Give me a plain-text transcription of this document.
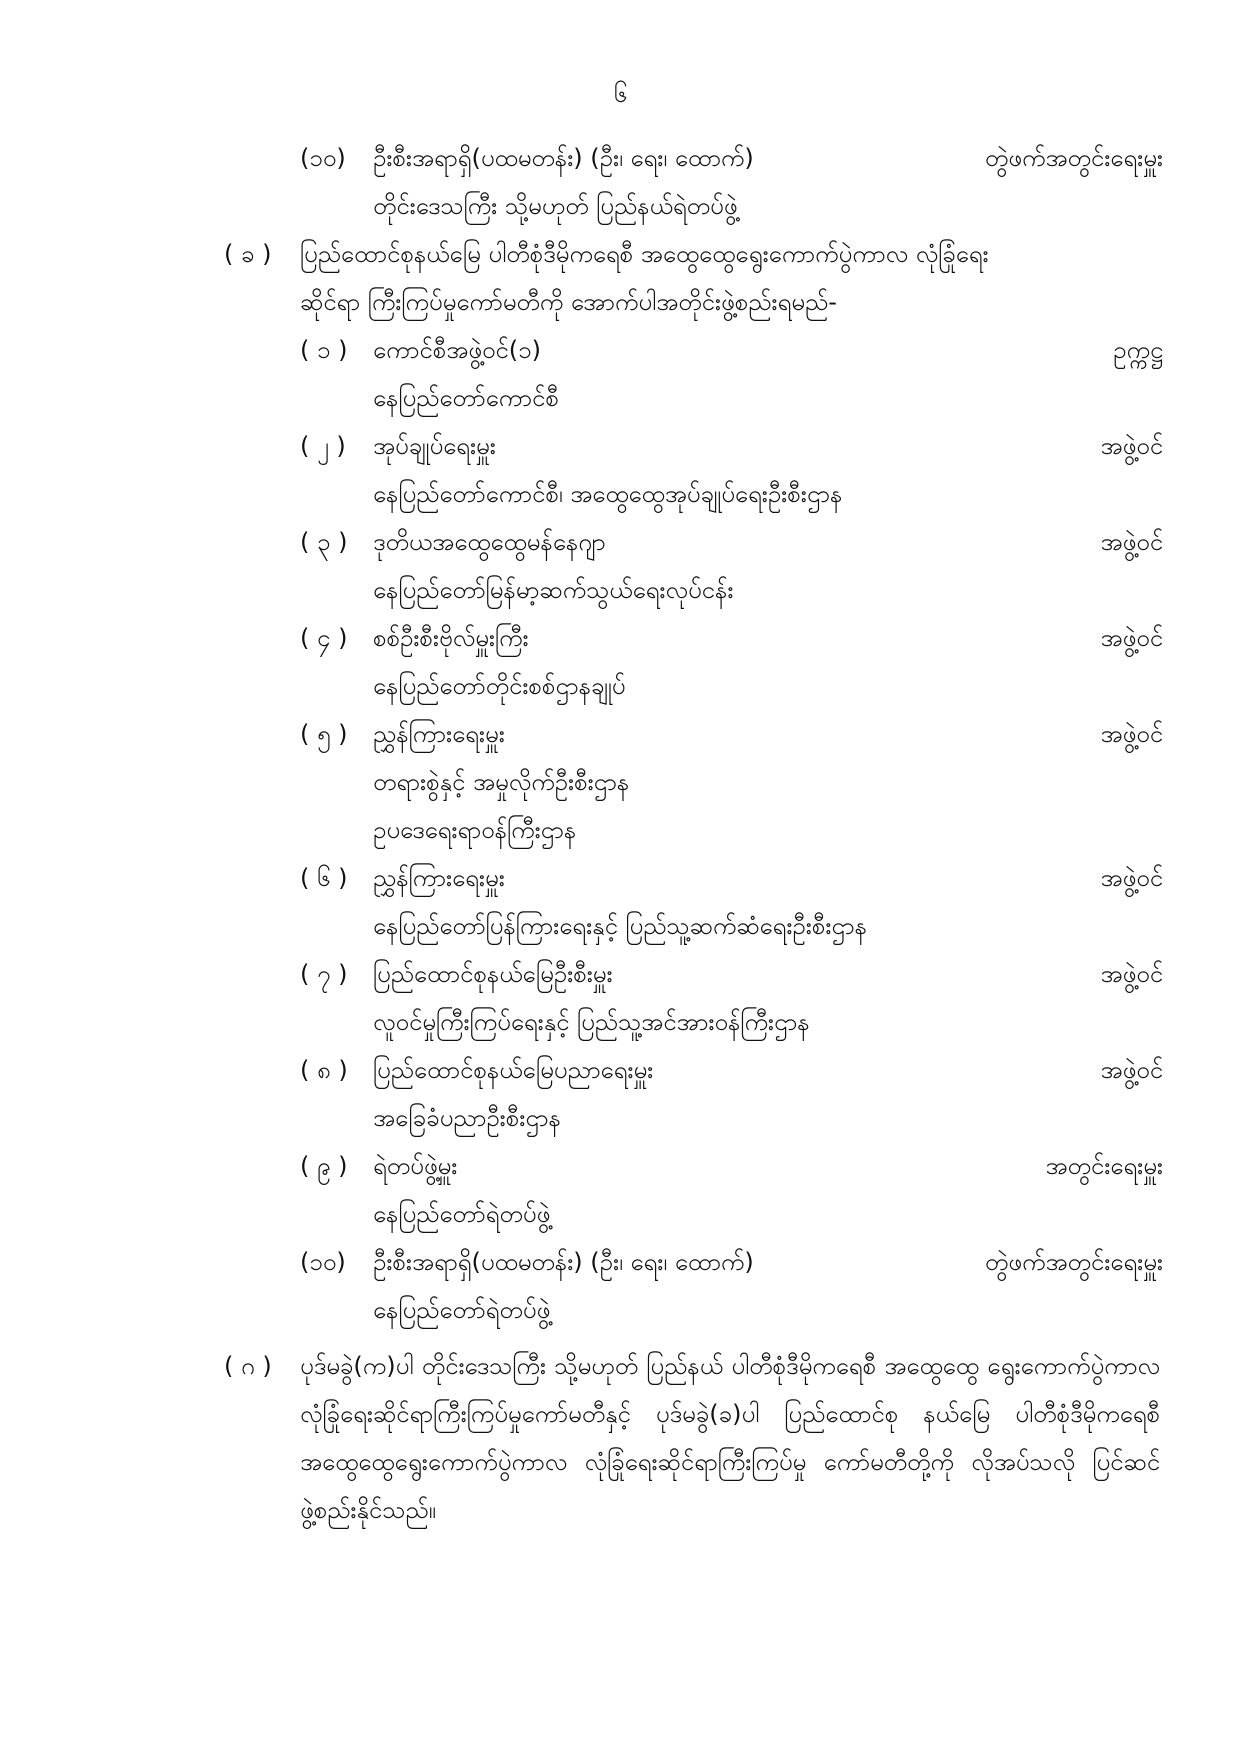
၆
(၁၀) ဦးစီးအရာရှိ(ပထမတန်း) (ဦး၊ ရေး၊ ထောက်)	တွဲဖက်အတွင်းရေးမှူး
တိုင်းဒေသကြီး သို့မဟုတ် ပြည်နယ်ရဲတပ်ဖွဲ့
( ခ ) ပြည်ထောင်စုနယ်မြေ ပါတီစုံဒီမိုကရေစီ အထွေထွေရွေးကောက်ပွဲကာလ လုံခြုံရေး
ဆိုင်ရာ ကြီးကြပ်မှုကော်မတီကို အောက်ပါအတိုင်းဖွဲ့စည်းရမည်-
( ၁ ) ကောင်စီအဖွဲ့ဝင်(၁)	ဥက္ကဋ္ဌ
နေပြည်တော်ကောင်စီ
( ၂ ) အုပ်ချုပ်ရေးမှူး	အဖွဲ့ဝင်
နေပြည်တော်ကောင်စီ၊ အထွေထွေအုပ်ချုပ်ရေးဦးစီးဌာန
( ၃ ) ဒုတိယအထွေထွေမန်နေဂျာ	အဖွဲ့ဝင်
နေပြည်တော်မြန်မာ့ဆက်သွယ်ရေးလုပ်ငန်း
( ၄ ) စစ်ဦးစီးဗိုလ်မှူးကြီး	အဖွဲ့ဝင်
နေပြည်တော်တိုင်းစစ်ဌာနချုပ်
( ၅ ) ညွှန်ကြားရေးမှူး	အဖွဲ့ဝင်
တရားစွဲနှင့် အမှုလိုက်ဦးစီးဌာန
ဥပဒေရေးရာဝန်ကြီးဌာန
( ၆ ) ညွှန်ကြားရေးမှူး	အဖွဲ့ဝင်
နေပြည်တော်ပြန်ကြားရေးနှင့် ပြည်သူ့ဆက်ဆံရေးဦးစီးဌာန
( ၇ ) ပြည်ထောင်စုနယ်မြေဦးစီးမှူး	အဖွဲ့ဝင်
လူဝင်မှုကြီးကြပ်ရေးနှင့် ပြည်သူ့အင်အားဝန်ကြီးဌာန
( ၈ ) ပြည်ထောင်စုနယ်မြေပညာရေးမှူး	အဖွဲ့ဝင်
အခြေခံပညာဦးစီးဌာန
( ၉ ) ရဲတပ်ဖွဲ့မှူး	အတွင်းရေးမှူး
နေပြည်တော်ရဲတပ်ဖွဲ့
(၁၀) ဦးစီးအရာရှိ(ပထမတန်း) (ဦး၊ ရေး၊ ထောက်)	တွဲဖက်အတွင်းရေးမှူး
နေပြည်တော်ရဲတပ်ဖွဲ့
( ဂ ) ပုဒ်မခွဲ(က)ပါ တိုင်းဒေသကြီး သို့မဟုတ် ပြည်နယ် ပါတီစုံဒီမိုကရေစီ အထွေထွေ ရွေးကောက်ပွဲကာလ လုံခြုံရေးဆိုင်ရာကြီးကြပ်မှုကော်မတီနှင့် ပုဒ်မခွဲ(ခ)ပါ ပြည်ထောင်စု နယ်မြေ ပါတီစုံဒီမိုကရေစီ အထွေထွေရွေးကောက်ပွဲကာလ လုံခြုံရေးဆိုင်ရာကြီးကြပ်မှု ကော်မတီတို့ကို လိုအပ်သလို ပြင်ဆင်ဖွဲ့စည်းနိုင်သည်။
